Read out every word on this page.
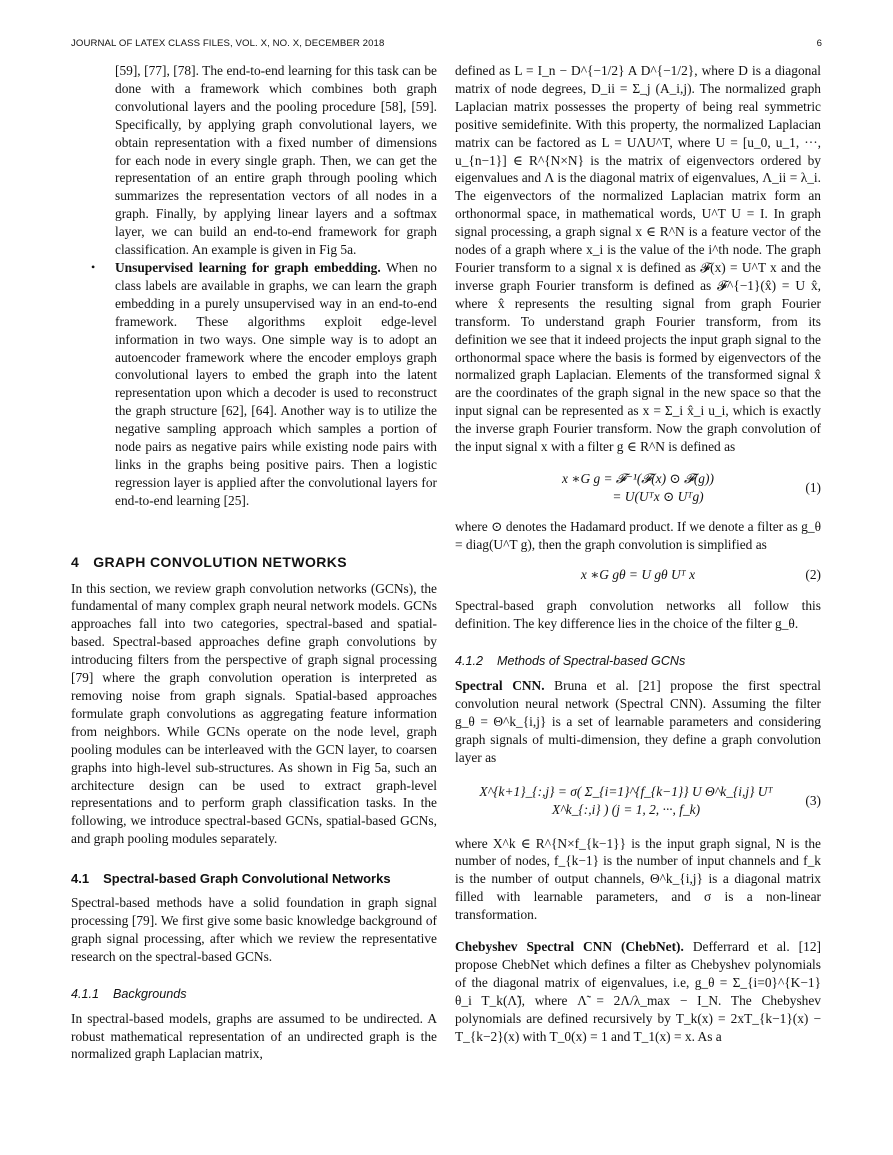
JOURNAL OF LATEX CLASS FILES, VOL. X, NO. X, DECEMBER 2018	6

[59], [77], [78]. The end-to-end learning for this task can be done with a framework which combines both graph convolutional layers and the pooling procedure [58], [59]. Specifically, by applying graph convolutional layers, we obtain representation with a fixed number of dimensions for each node in every single graph. Then, we can get the representation of an entire graph through pooling which summarizes the representation vectors of all nodes in a graph. Finally, by applying linear layers and a softmax layer, we can build an end-to-end framework for graph classification. An example is given in Fig 5a.

• Unsupervised learning for graph embedding. When no class labels are available in graphs, we can learn the graph embedding in a purely unsupervised way in an end-to-end framework. These algorithms exploit edge-level information in two ways. One simple way is to adopt an autoencoder framework where the encoder employs graph convolutional layers to embed the graph into the latent representation upon which a decoder is used to reconstruct the graph structure [62], [64]. Another way is to utilize the negative sampling approach which samples a portion of node pairs as negative pairs while existing node pairs with links in the graphs being positive pairs. Then a logistic regression layer is applied after the convolutional layers for end-to-end learning [25].

4 GRAPH CONVOLUTION NETWORKS

In this section, we review graph convolution networks (GCNs), the fundamental of many complex graph neural network models. GCNs approaches fall into two categories, spectral-based and spatial-based. Spectral-based approaches define graph convolutions by introducing filters from the perspective of graph signal processing [79] where the graph convolution operation is interpreted as removing noise from graph signals. Spatial-based approaches formulate graph convolutions as aggregating feature information from neighbors. While GCNs operate on the node level, graph pooling modules can be interleaved with the GCN layer, to coarsen graphs into high-level sub-structures. As shown in Fig 5a, such an architecture design can be used to extract graph-level representations and to perform graph classification tasks. In the following, we introduce spectral-based GCNs, spatial-based GCNs, and graph pooling modules separately.

4.1 Spectral-based Graph Convolutional Networks

Spectral-based methods have a solid foundation in graph signal processing [79]. We first give some basic knowledge background of graph signal processing, after which we review the representative research on the spectral-based GCNs.

4.1.1 Backgrounds

In spectral-based models, graphs are assumed to be undirected. A robust mathematical representation of an undirected graph is the normalized graph Laplacian matrix,

defined as L = I_n − D^{−1/2} A D^{−1/2}, where D is a diagonal matrix of node degrees, D_ii = Σ_j (A_i,j). The normalized graph Laplacian matrix possesses the property of being real symmetric positive semidefinite. With this property, the normalized Laplacian matrix can be factored as L = UΛU^T, where U = [u_0, u_1, ···, u_{n−1}] ∈ R^{N×N} is the matrix of eigenvectors ordered by eigenvalues and Λ is the diagonal matrix of eigenvalues, Λ_ii = λ_i. The eigenvectors of the normalized Laplacian matrix form an orthonormal space, in mathematical words, U^T U = I. In graph signal processing, a graph signal x ∈ R^N is a feature vector of the nodes of a graph where x_i is the value of the i^th node. The graph Fourier transform to a signal x is defined as 𝓕(x) = U^T x and the inverse graph Fourier transform is defined as 𝓕^{−1}(x̂) = U x̂, where x̂ represents the resulting signal from graph Fourier transform. To understand graph Fourier transform, from its definition we see that it indeed projects the input graph signal to the orthonormal space where the basis is formed by eigenvectors of the normalized graph Laplacian. Elements of the transformed signal x̂ are the coordinates of the graph signal in the new space so that the input signal can be represented as x = Σ_i x̂_i u_i, which is exactly the inverse graph Fourier transform. Now the graph convolution of the input signal x with a filter g ∈ R^N is defined as

x ∗G g = 𝓕⁻¹(𝓕(x) ⊙ 𝓕(g))
= U(Uᵀx ⊙ Uᵀg)
(1)

where ⊙ denotes the Hadamard product. If we denote a filter as g_θ = diag(U^T g), then the graph convolution is simplified as

x ∗G gθ = U gθ Uᵀ x	(2)

Spectral-based graph convolution networks all follow this definition. The key difference lies in the choice of the filter g_θ.

4.1.2 Methods of Spectral-based GCNs

Spectral CNN. Bruna et al. [21] propose the first spectral convolution neural network (Spectral CNN). Assuming the filter g_θ = Θ^k_{i,j} is a set of learnable parameters and considering graph signals of multi-dimension, they define a graph convolution layer as

X^{k+1}_{:,j} = σ( Σ_{i=1}^{f_{k−1}} U Θ^k_{i,j} Uᵀ X^k_{:,i} ) (j = 1, 2, ···, f_k)
(3)

where X^k ∈ R^{N×f_{k−1}} is the input graph signal, N is the number of nodes, f_{k−1} is the number of input channels and f_k is the number of output channels, Θ^k_{i,j} is a diagonal matrix filled with learnable parameters, and σ is a non-linear transformation.

Chebyshev Spectral CNN (ChebNet). Defferrard et al. [12] propose ChebNet which defines a filter as Chebyshev polynomials of the diagonal matrix of eigenvalues, i.e, g_θ = Σ_{i=0}^{K−1} θ_i T_k(Λ̃), where Λ̃ = 2Λ/λ_max − I_N. The Chebyshev polynomials are defined recursively by T_k(x) = 2xT_{k−1}(x) − T_{k−2}(x) with T_0(x) = 1 and T_1(x) = x. As a
